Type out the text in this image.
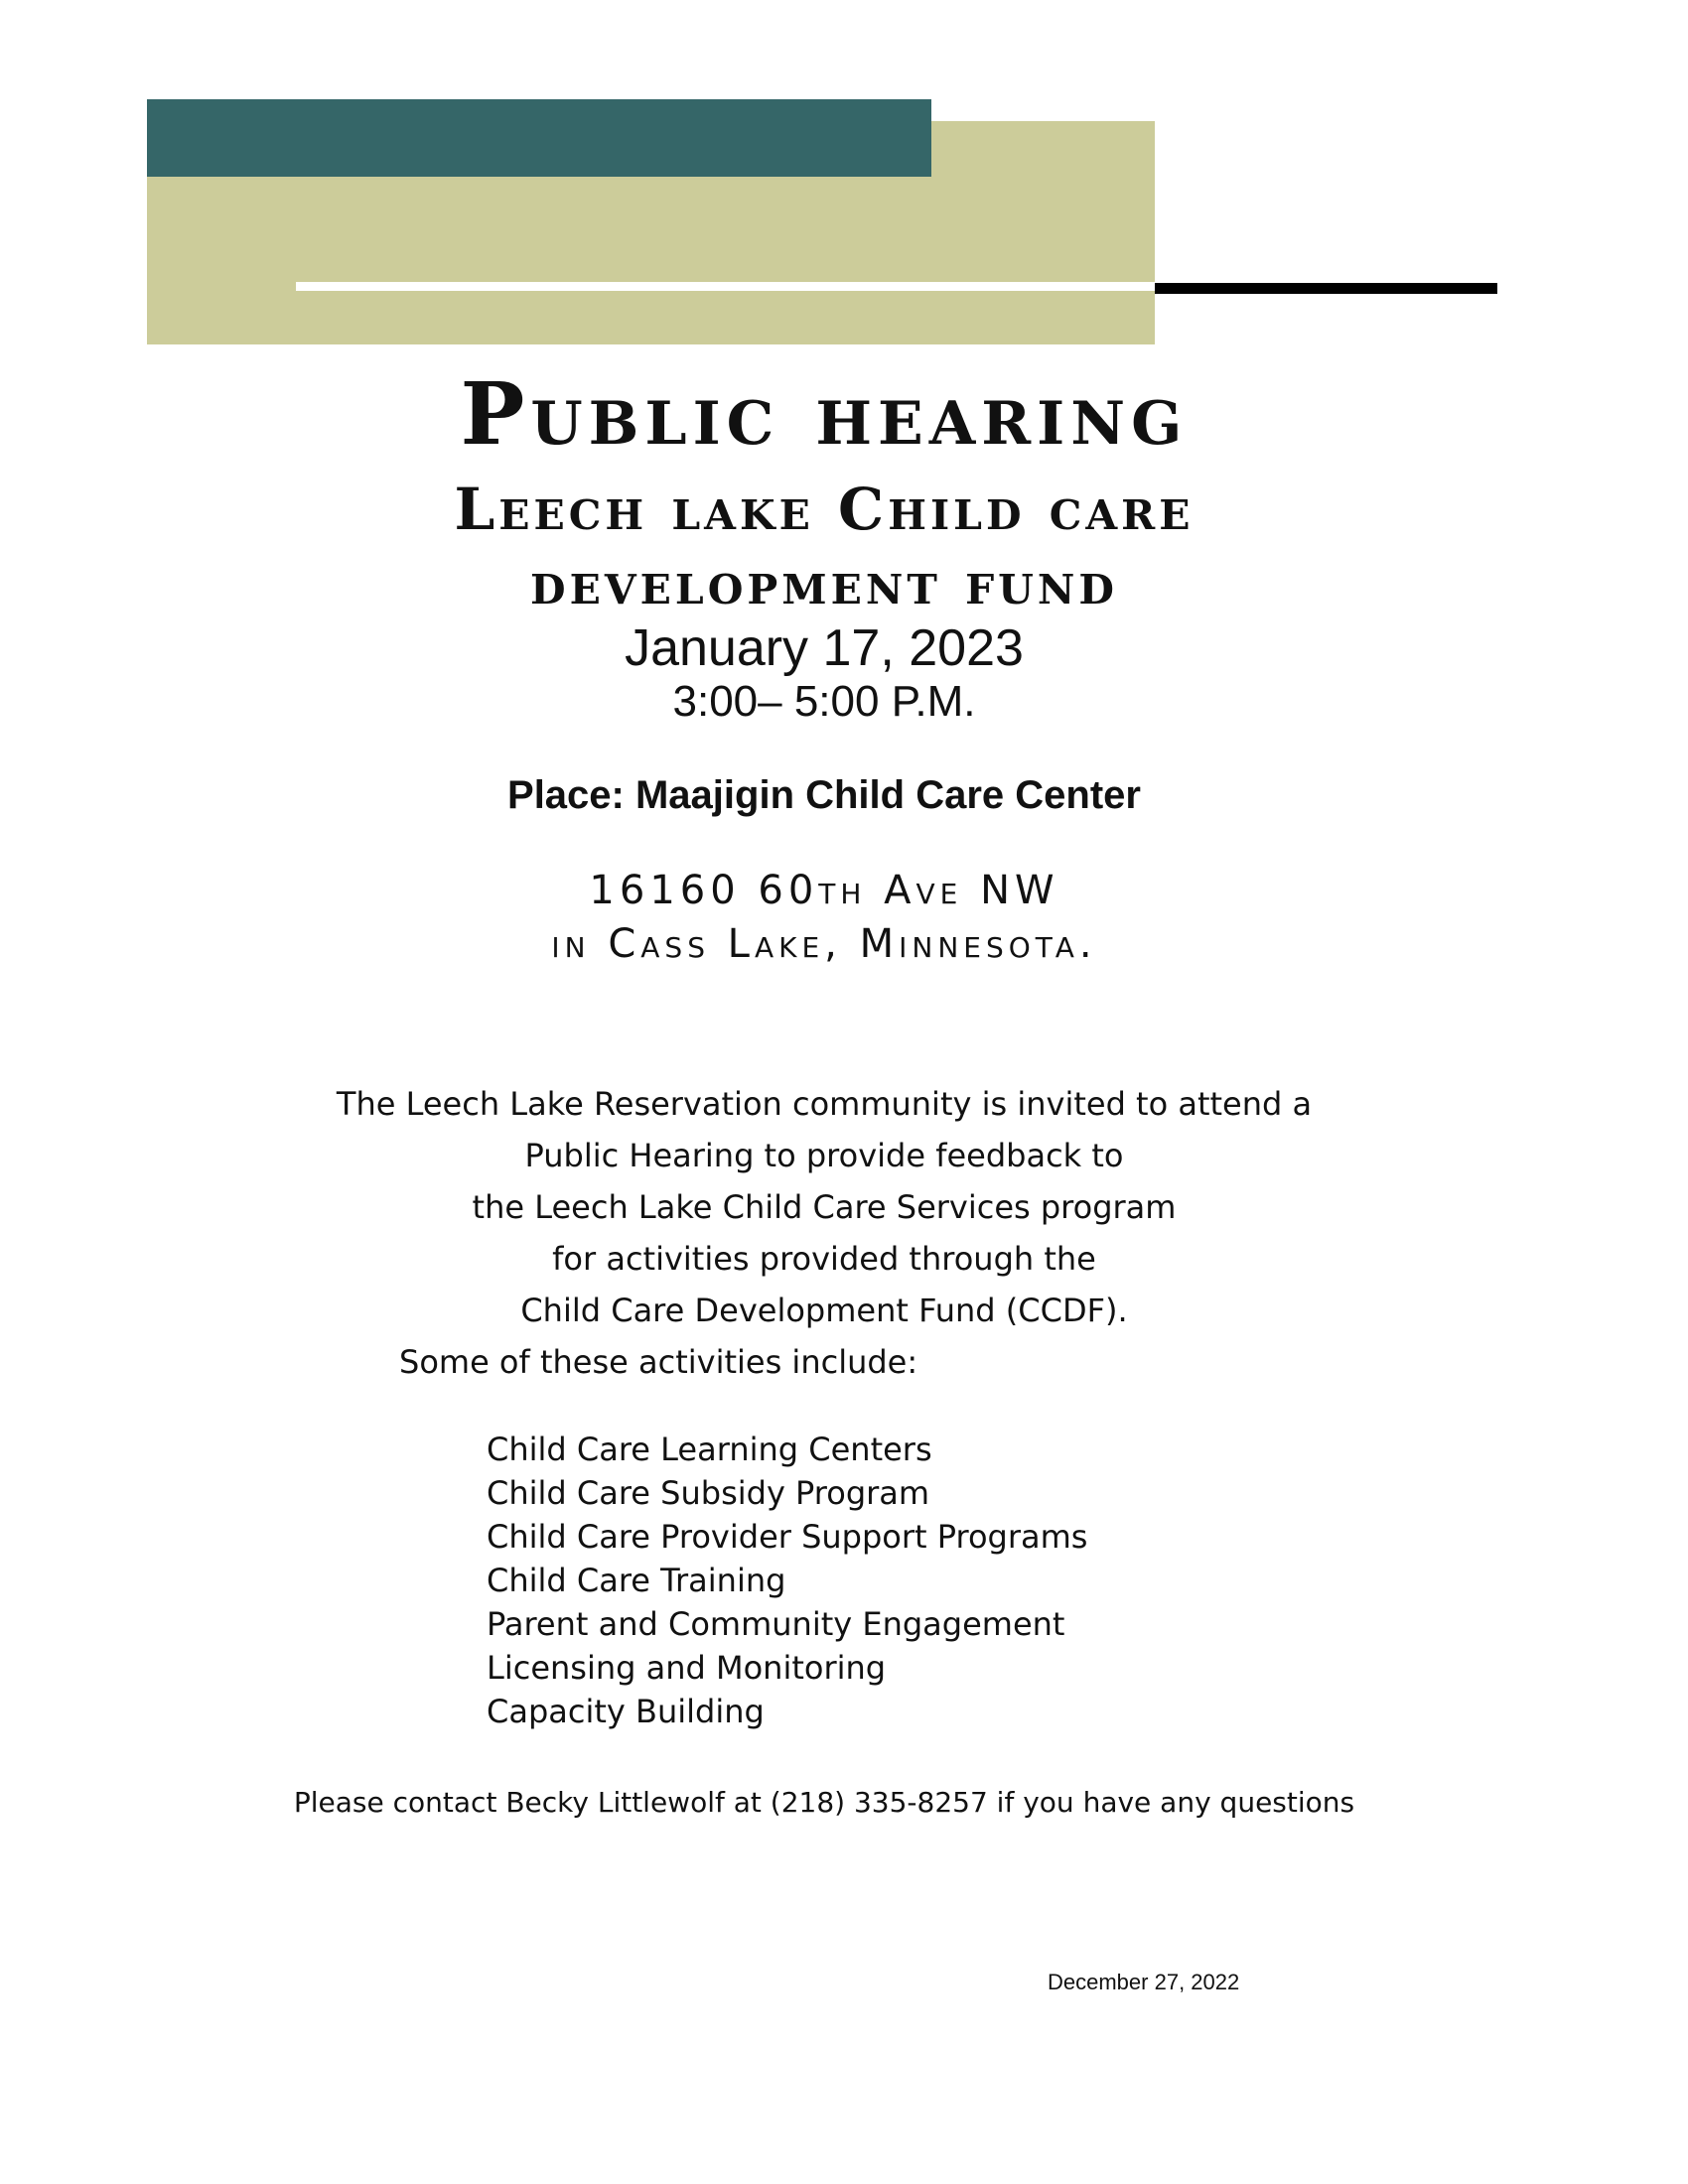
Public hearing
Leech lake Child care
development fund

January 17, 2023

3:00– 5:00 P.M.

Place: Maajigin Child Care Center

16160 60th Ave NW

in Cass Lake, Minnesota.

The Leech Lake Reservation community is invited to attend a
Public Hearing to provide feedback to
the Leech Lake Child Care Services program
for activities provided through the
Child Care Development Fund (CCDF).

Some of these activities include:

Child Care Learning Centers
Child Care Subsidy Program
Child Care Provider Support Programs
Child Care Training
Parent and Community Engagement
Licensing and Monitoring
Capacity Building

Please contact Becky Littlewolf at (218) 335-8257 if you have any questions

December 27, 2022
